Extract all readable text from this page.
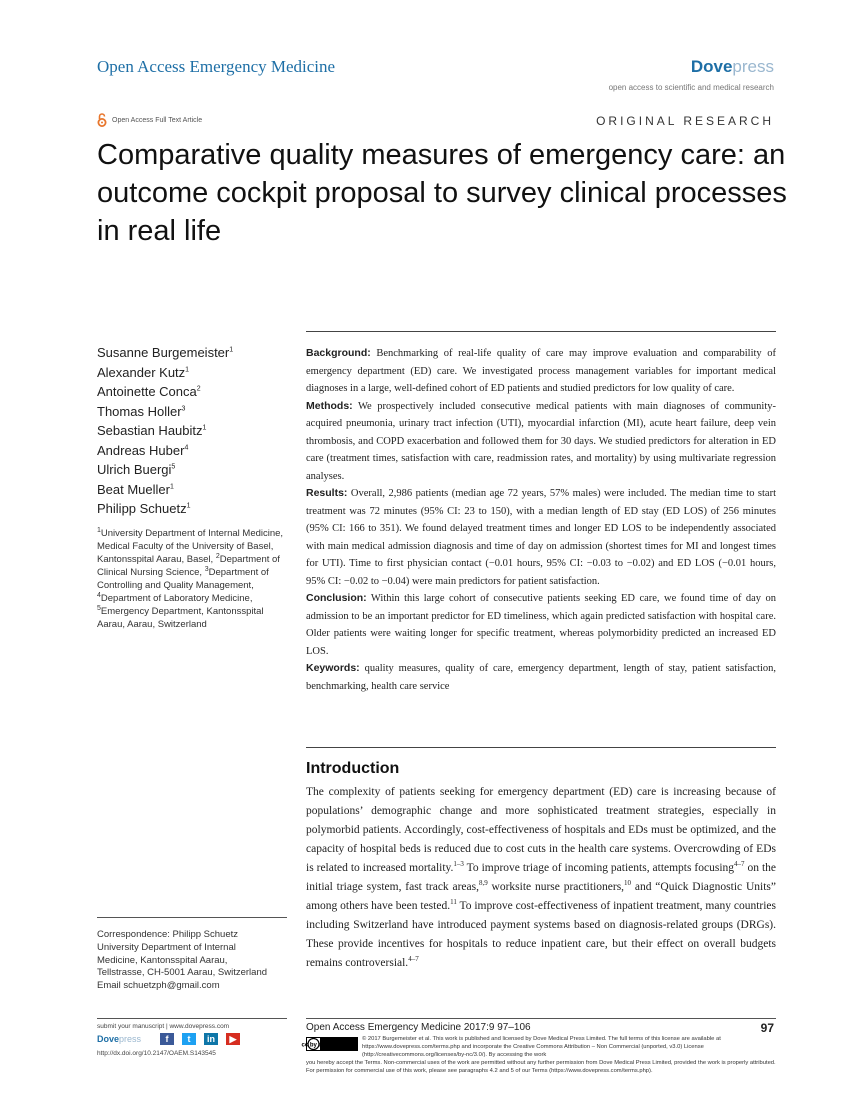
Open Access Emergency Medicine	Dovepress
open access to scientific and medical research
Open Access Full Text Article	ORIGINAL RESEARCH
Comparative quality measures of emergency care: an outcome cockpit proposal to survey clinical processes in real life
Susanne Burgemeister$^1$
Alexander Kutz$^1$
Antoinette Conca$^2$
Thomas Holler$^3$
Sebastian Haubitz$^1$
Andreas Huber$^4$
Ulrich Buergi$^5$
Beat Mueller$^1$
Philipp Schuetz$^1$
$^1$University Department of Internal Medicine, Medical Faculty of the University of Basel, Kantonsspital Aarau, Basel, $^2$Department of Clinical Nursing Science, $^3$Department of Controlling and Quality Management, $^4$Department of Laboratory Medicine, $^5$Emergency Department, Kantonsspital Aarau, Aarau, Switzerland
Correspondence: Philipp Schuetz
University Department of Internal
Medicine, Kantonsspital Aarau,
Tellstrasse, CH-5001 Aarau, Switzerland
Email schuetzph@gmail.com

Background: Benchmarking of real-life quality of care may improve evaluation and comparability of emergency department (ED) care. We investigated process management variables for important medical diagnoses in a large, well-defined cohort of ED patients and studied predictors for low quality of care.

Methods: We prospectively included consecutive medical patients with main diagnoses of community-acquired pneumonia, urinary tract infection (UTI), myocardial infarction (MI), acute heart failure, deep vein thrombosis, and COPD exacerbation and followed them for 30 days. We studied predictors for alteration in ED care (treatment times, satisfaction with care, readmission rates, and mortality) by using multivariate regression analyses.

Results: Overall, 2,986 patients (median age 72 years, 57% males) were included. The median time to start treatment was 72 minutes (95% CI: 23 to 150), with a median length of ED stay (ED LOS) of 256 minutes (95% CI: 166 to 351). We found delayed treatment times and longer ED LOS to be independently associated with main medical admission diagnosis and time of day on admission (shortest times for MI and longest times for UTI). Time to first physician contact (−0.01 hours, 95% CI: −0.03 to −0.02) and ED LOS (−0.01 hours, 95% CI: −0.02 to −0.04) were main predictors for patient satisfaction.

Conclusion: Within this large cohort of consecutive patients seeking ED care, we found time of day on admission to be an important predictor for ED timeliness, which again predicted satisfaction with hospital care. Older patients were waiting longer for specific treatment, whereas polymorbidity predicted an increased ED LOS.

Keywords: quality measures, quality of care, emergency department, length of stay, patient satisfaction, benchmarking, health care service

Introduction

The complexity of patients seeking for emergency department (ED) care is increasing because of populations’ demographic change and more sophisticated treatment strategies, especially in polymorbid patients. Accordingly, cost-effectiveness of hospitals and EDs must be optimized, and the capacity of hospital beds is reduced due to cost cuts in the health care systems. Overcrowding of EDs is related to increased mortality.$^{1-3}$ To improve triage of incoming patients, attempts focusing$^{4-7}$ on the initial triage system, fast track areas,$^{8,9}$ worksite nurse practitioners,$^{10}$ and “Quick Diagnostic Units” among others have been tested.$^{11}$ To improve cost-effectiveness of inpatient treatment, many countries including Switzerland have introduced payment systems based on diagnosis-related groups (DRGs). These provide incentives for hospitals to reduce inpatient care, but their effect on overall budgets remains controversial.$^{4-7}$

submit your manuscript | www.dovepress.com
Dovepress	f	t	in	▶
http://dx.doi.org/10.2147/OAEM.S143545
Open Access Emergency Medicine 2017:9 97–106	97
cc by nc
© 2017 Burgemeister et al. This work is published and licensed by Dove Medical Press Limited. The full terms of this license are available at https://www.dovepress.com/terms.php and incorporate the Creative Commons Attribution – Non Commercial (unported, v3.0) License (http://creativecommons.org/licenses/by-nc/3.0/). By accessing the work
you hereby accept the Terms. Non-commercial uses of the work are permitted without any further permission from Dove Medical Press Limited, provided the work is properly attributed. For permission for commercial use of this work, please see paragraphs 4.2 and 5 of our Terms (https://www.dovepress.com/terms.php).
